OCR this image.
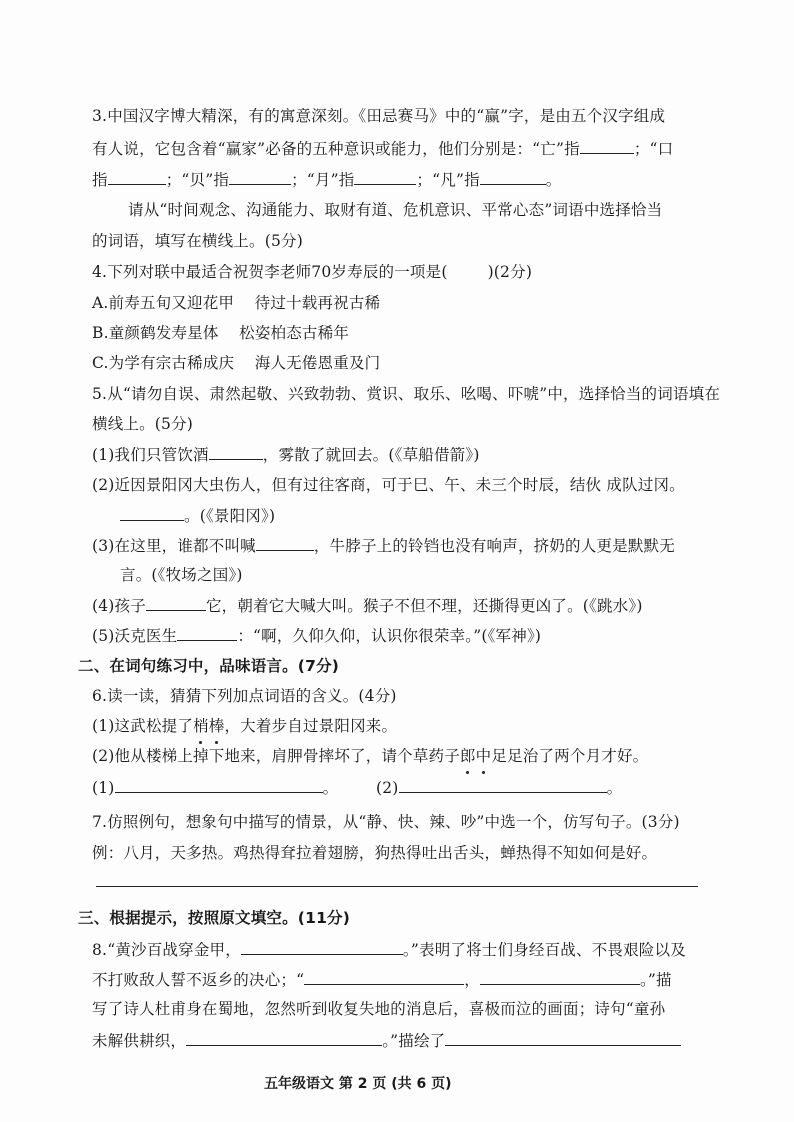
3.中国汉字博大精深，有的寓意深刻。《田忌赛马》中的“赢”字，是由五个汉字组成
有人说，它包含着“赢家”必备的五种意识或能力，他们分别是：“亡”指	；“口
指	；“贝”指	；“月”指	；“凡”指	。
请从“时间观念、沟通能力、取财有道、危机意识、平常心态”词语中选择恰当
的词语，填写在横线上。(5分)
4.下列对联中最适合祝贺李老师70岁寿辰的一项是(	)(2分)
A.前寿五旬又迎花甲    待过十载再祝古稀
B.童颜鹤发寿星体    松姿柏态古稀年
C.为学有宗古稀成庆    海人无倦恩重及门
5.从“请勿自误、肃然起敬、兴致勃勃、赏识、取乐、吆喝、吓唬”中，选择恰当的词语填在
横线上。(5分)
(1)我们只管饮酒	，雾散了就回去。(《草船借箭》)
(2)近因景阳冈大虫伤人，但有过往客商，可于巳、午、未三个时辰，结伙 成队过冈。
。(《景阳冈》)
(3)在这里，谁都不叫喊	，牛脖子上的铃铛也没有响声，挤奶的人更是默默无
言。(《牧场之国》)
(4)孩子	它，朝着它大喊大叫。猴子不但不理，还撕得更凶了。(《跳水》)
(5)沃克医生	：“啊，久仰久仰，认识你很荣幸。”(《军神》)
二、在词句练习中，品味语言。(7分)
6.读一读，猜猜下列加点词语的含义。(4分)
(1)这武松提了梢棒，大着步自过景阳冈来。
(2)他从楼梯上掉下地来，肩胛骨摔坏了，请个草药子郎中足足治了两个月才好。
(1)	。 (2)	。
7.仿照例句，想象句中描写的情景，从“静、快、辣、吵”中选一个，仿写句子。(3分)
例：八月，天多热。鸡热得耷拉着翅膀，狗热得吐出舌头，蝉热得不知如何是好。
三、根据提示，按照原文填空。(11分)
8.“黄沙百战穿金甲，	。”表明了将士们身经百战、不畏艰险以及
不打败敌人誓不返乡的决心；“	，	。”描
写了诗人杜甫身在蜀地，忽然听到收复失地的消息后，喜极而泣的画面；诗句“童孙
未解供耕织，	。”描绘了
五年级语文 第 2 页 (共 6 页)
